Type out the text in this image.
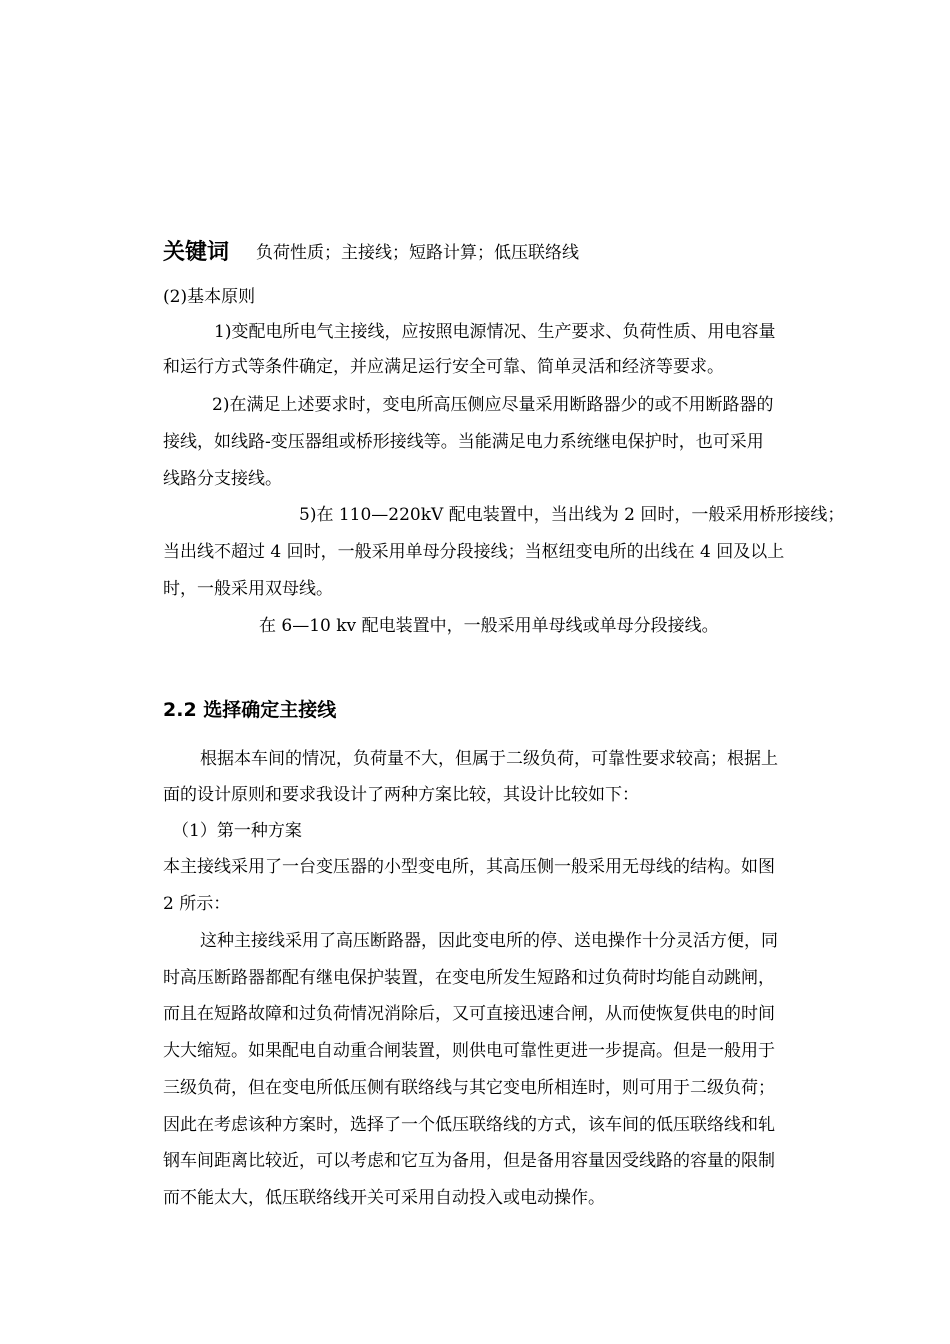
关键词 负荷性质；主接线；短路计算；低压联络线
(2)基本原则
1)变配电所电气主接线，应按照电源情况、生产要求、负荷性质、用电容量
和运行方式等条件确定，并应满足运行安全可靠、简单灵活和经济等要求。
2)在满足上述要求时，变电所高压侧应尽量采用断路器少的或不用断路器的
接线，如线路-变压器组或桥形接线等。当能满足电力系统继电保护时，也可采用
线路分支接线。
5)在 110—220kV 配电装置中，当出线为 2 回时，一般采用桥形接线；
当出线不超过 4 回时，一般采用单母分段接线；当枢纽变电所的出线在 4 回及以上
时，一般采用双母线。
在 6—10 kv 配电装置中，一般采用单母线或单母分段接线。
2.2 选择确定主接线
根据本车间的情况，负荷量不大，但属于二级负荷，可靠性要求较高；根据上
面的设计原则和要求我设计了两种方案比较，其设计比较如下：
（1）第一种方案
本主接线采用了一台变压器的小型变电所，其高压侧一般采用无母线的结构。如图
2 所示：
这种主接线采用了高压断路器，因此变电所的停、送电操作十分灵活方便，同
时高压断路器都配有继电保护装置，在变电所发生短路和过负荷时均能自动跳闸，
而且在短路故障和过负荷情况消除后，又可直接迅速合闸，从而使恢复供电的时间
大大缩短。如果配电自动重合闸装置，则供电可靠性更进一步提高。但是一般用于
三级负荷，但在变电所低压侧有联络线与其它变电所相连时，则可用于二级负荷；
因此在考虑该种方案时，选择了一个低压联络线的方式，该车间的低压联络线和轧
钢车间距离比较近，可以考虑和它互为备用，但是备用容量因受线路的容量的限制
而不能太大，低压联络线开关可采用自动投入或电动操作。
